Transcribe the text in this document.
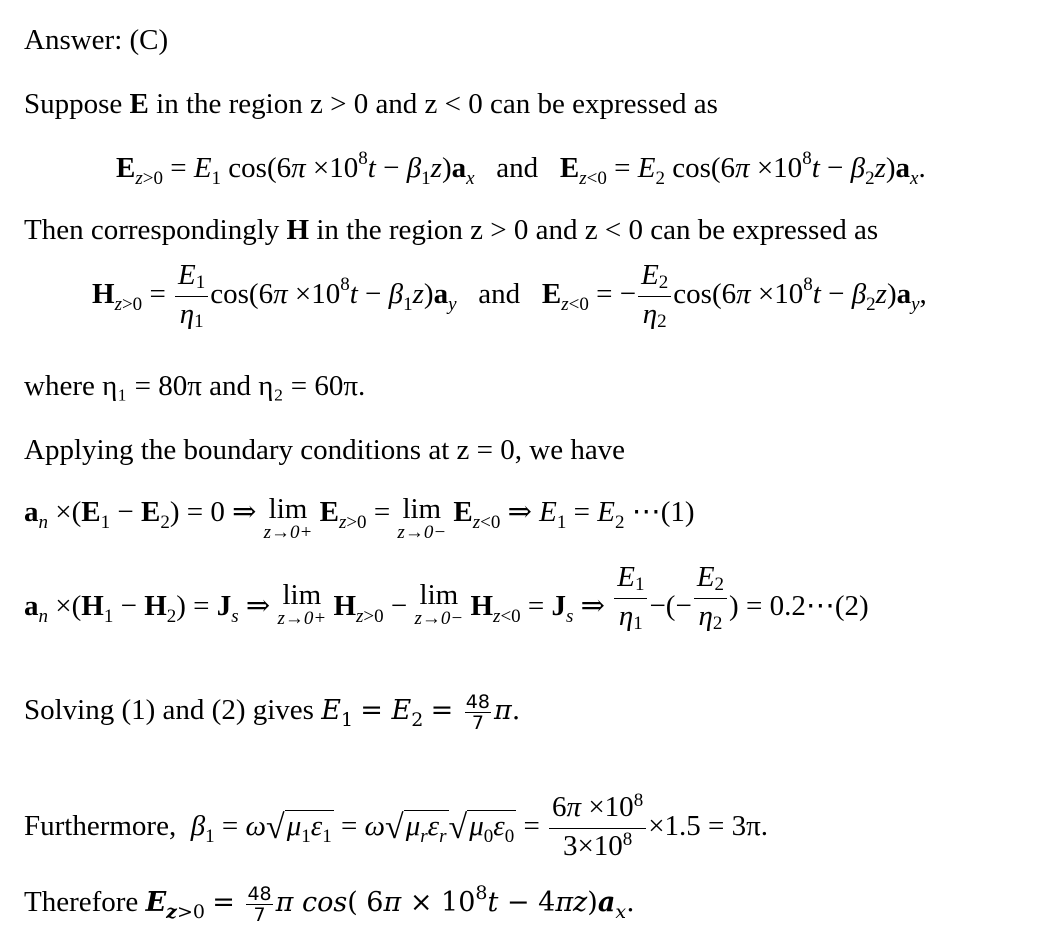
Answer: (C)
Suppose E in the region z > 0 and z < 0 can be expressed as
$E_{z>0} = E_1$ $\cos(6\pi \times 10^8t - \beta_1z)a_x$ and $E_{z<0} = E_2$ $\cos(6\pi \times 10^8t - \beta_2z)a_x$.
Then correspondingly H in the region z > 0 and z < 0 can be expressed as
$H_{z>0} = \frac{E1}{\eta 1} \cos(6\pi \times 10^8t - \beta_1z)a_y$ and $E_{z<0}$ = − $\frac{E2}{\eta 2} \cos(6\pi \times 10^8t - \beta_2z)a_y$,
where η₁ = 80π and η₂ = 60π.
Applying the boundary conditions at z = 0, we have
$a_n \times(E_1 - E_2) = 0$ ⇒ lim
z→0+
$E_{z>0} = \lim$
z→0−
$E_{z<0}$ ⇒ $E_1 = E_2$ ⋯(1)
$a_n \times(H_1 - H_2) = J_s$ ⇒ lim
$z\to 0+ H_{z>0} - \lim$
$z\to 0- H_{z<0} = J_s$ ⇒ $\frac{E1}{\eta 1}$ −(− $\frac{E2}{\eta 2}$ ) = 0.2⋯(2)
Solving (1) and (2) gives $E_1 = E_2 = \frac{48}{7} \pi$.
Furthermore,  $\beta_1 = \omega√\mu_1\varepsilon_1 = \omega√\mu_r\varepsilon_r√\mu_0\varepsilon_0 = \frac{6\pi \times 10^8}{3\times 10^8} \times 1.5 = 3\pi$.
Therefore $E_{z>0} = \frac{48}{7}$ π cos( $6\pi \times 10^8t - 4\pi z)a_x$.
